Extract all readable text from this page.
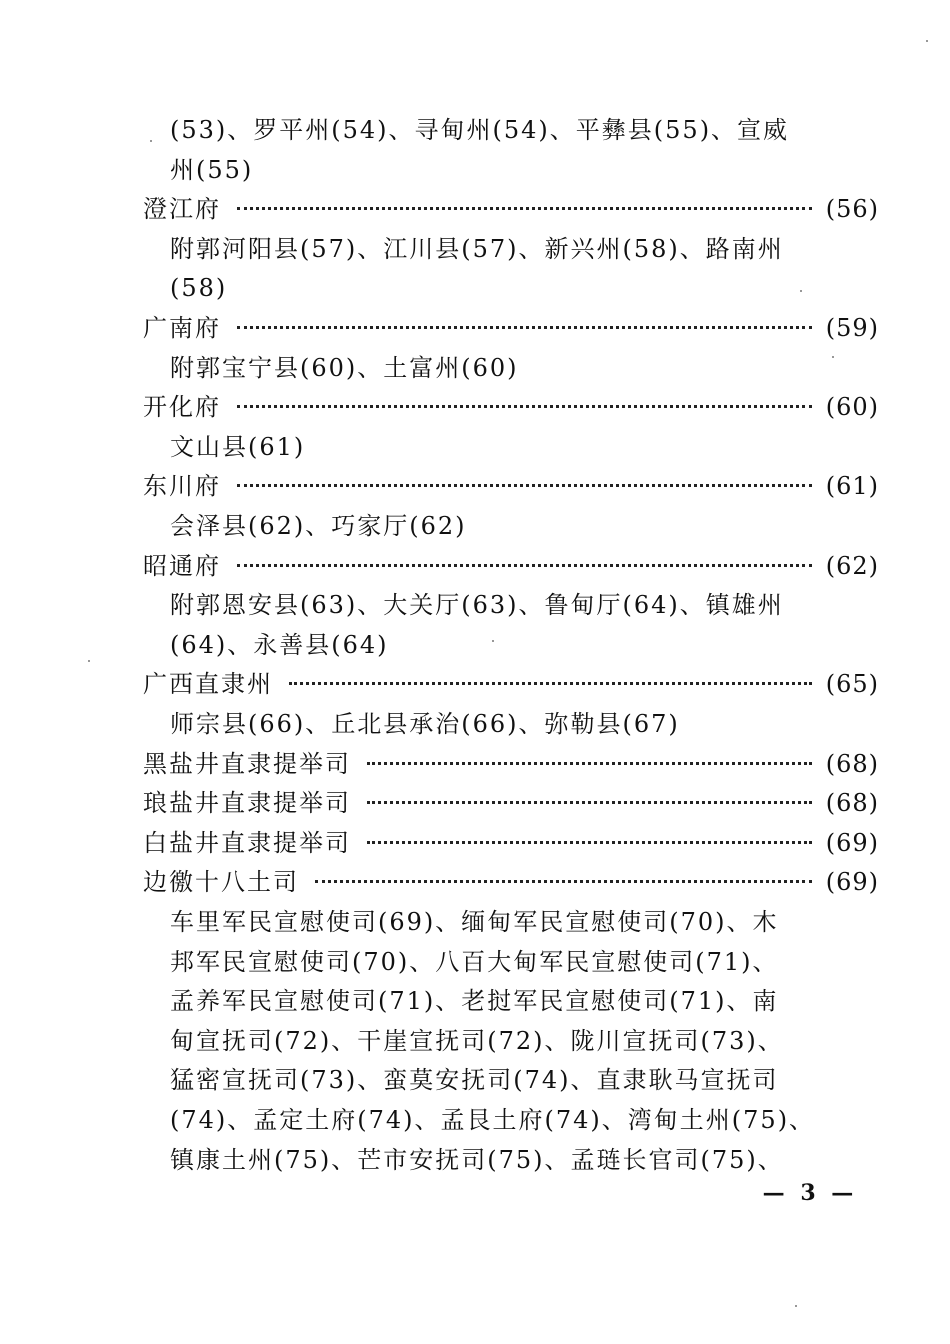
(53)、罗平州(54)、寻甸州(54)、平彝县(55)、宣威
州(55)
澄江府	(56)
附郭河阳县(57)、江川县(57)、新兴州(58)、路南州
(58)
广南府	(59)
附郭宝宁县(60)、土富州(60)
开化府	(60)
文山县(61)
东川府	(61)
会泽县(62)、巧家厅(62)
昭通府	(62)
附郭恩安县(63)、大关厅(63)、鲁甸厅(64)、镇雄州
(64)、永善县(64)
广西直隶州	(65)
师宗县(66)、丘北县承治(66)、弥勒县(67)
黑盐井直隶提举司	(68)
琅盐井直隶提举司	(68)
白盐井直隶提举司	(69)
边徼十八土司	(69)
车里军民宣慰使司(69)、缅甸军民宣慰使司(70)、木
邦军民宣慰使司(70)、八百大甸军民宣慰使司(71)、
孟养军民宣慰使司(71)、老挝军民宣慰使司(71)、南
甸宣抚司(72)、干崖宣抚司(72)、陇川宣抚司(73)、
猛密宣抚司(73)、蛮莫安抚司(74)、直隶耿马宣抚司
(74)、孟定土府(74)、孟艮土府(74)、湾甸土州(75)、
镇康土州(75)、芒市安抚司(75)、孟琏长官司(75)、
— 3 —
